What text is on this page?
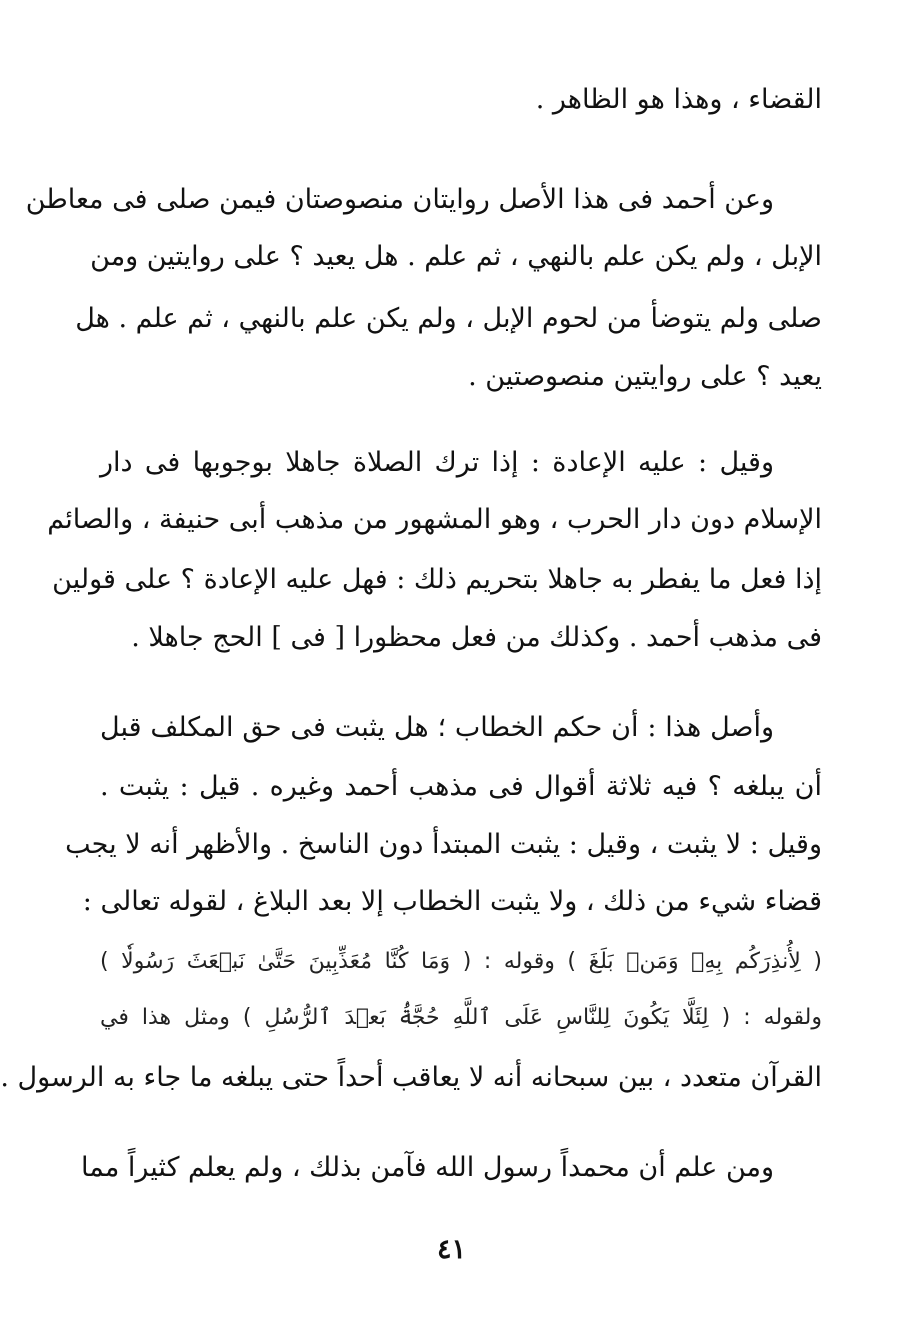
القضاء ، وهذا هو الظاهر .
وعن أحمد فى هذا الأصل روايتان منصوصتان فيمن صلى فى معاطن
الإبل ، ولم يكن علم بالنهي ، ثم علم . هل يعيد ؟ على روايتين ومن
صلى ولم يتوضأ من لحوم الإبل ، ولم يكن علم بالنهي ، ثم علم . هل
يعيد ؟ على روايتين منصوصتين .
وقيل : عليه الإعادة : إذا ترك الصلاة جاهلا بوجوبها فى دار
الإسلام دون دار الحرب ، وهو المشهور من مذهب أبى حنيفة ، والصائم
إذا فعل ما يفطر به جاهلا بتحريم ذلك : فهل عليه الإعادة ؟ على قولين
فى مذهب أحمد . وكذلك من فعل محظورا [ فى ] الحج جاهلا .
وأصل هذا : أن حكم الخطاب ؛ هل يثبت فى حق المكلف قبل
أن يبلغه ؟ فيه ثلاثة أقوال فى مذهب أحمد وغيره . قيل : يثبت .
وقيل : لا يثبت ، وقيل : يثبت المبتدأ دون الناسخ . والأظهر أنه لا يجب
قضاء شيء من ذلك ، ولا يثبت الخطاب إلا بعد البلاغ ، لقوله تعالى :
( لِأُنذِرَكُم بِهِۦ وَمَنۢ بَلَغَ ) وقوله : ( وَمَا كُنَّا مُعَذِّبِينَ حَتَّىٰ نَبۡعَثَ رَسُولٗا )
ولقوله : ( لِئَلَّا يَكُونَ لِلنَّاسِ عَلَى ٱللَّهِ حُجَّةُۢ بَعۡدَ ٱلرُّسُلِ ) ومثل هذا في
القرآن متعدد ، بين سبحانه أنه لا يعاقب أحداً حتى يبلغه ما جاء به الرسول .
ومن علم أن محمداً رسول الله فآمن بذلك ، ولم يعلم كثيراً مما
٤١
